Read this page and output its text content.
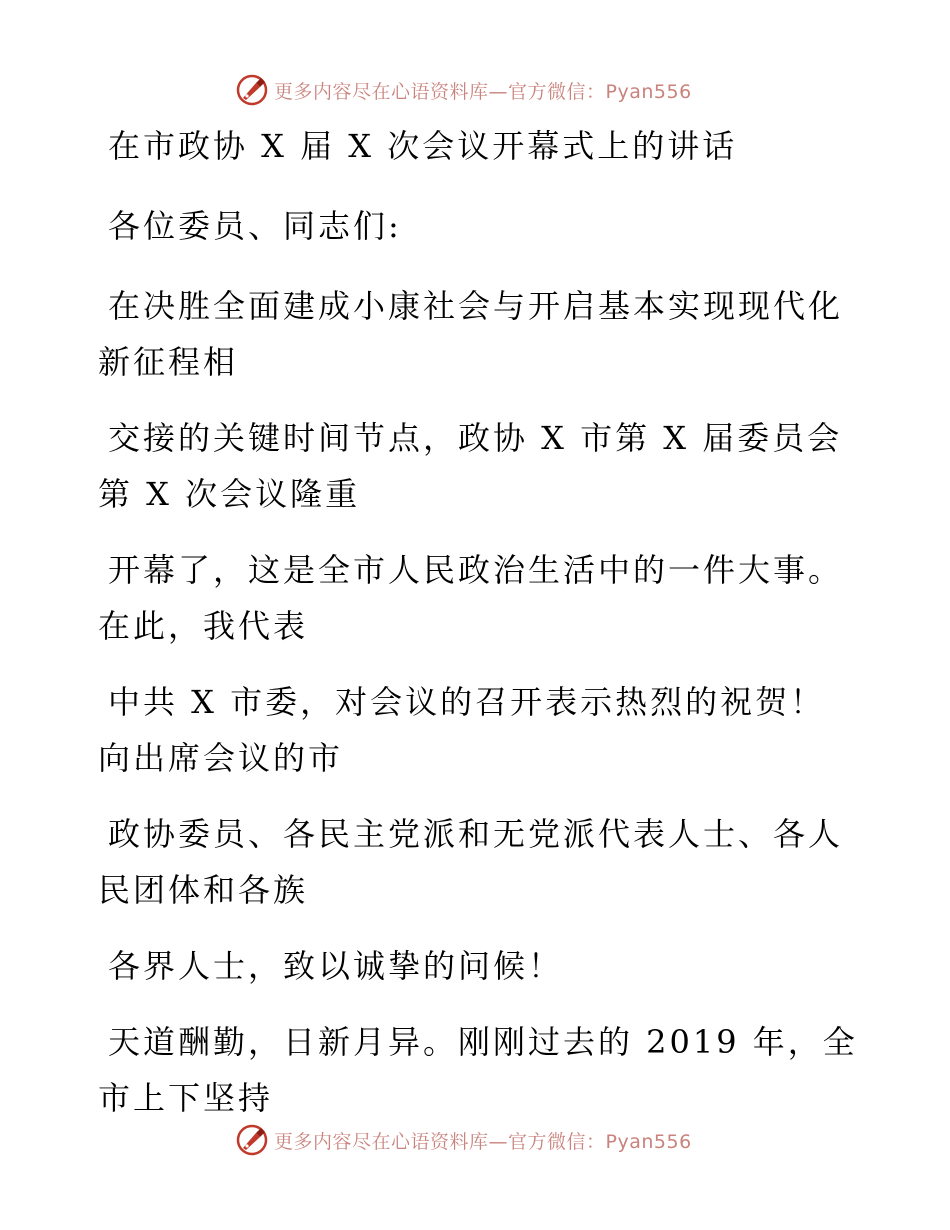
更多内容尽在心语资料库—官方微信：Pyan556

在市政协 X 届 X 次会议开幕式上的讲话

各位委员、同志们:

在决胜全面建成小康社会与开启基本实现现代化新征程相

交接的关键时间节点，政协 X 市第 X 届委员会第 X 次会议隆重

开幕了，这是全市人民政治生活中的一件大事。在此，我代表

中共 X 市委，对会议的召开表示热烈的祝贺！向出席会议的市

政协委员、各民主党派和无党派代表人士、各人民团体和各族

各界人士，致以诚挚的问候！

天道酬勤，日新月异。刚刚过去的 2019 年，全市上下坚持

更多内容尽在心语资料库—官方微信：Pyan556
